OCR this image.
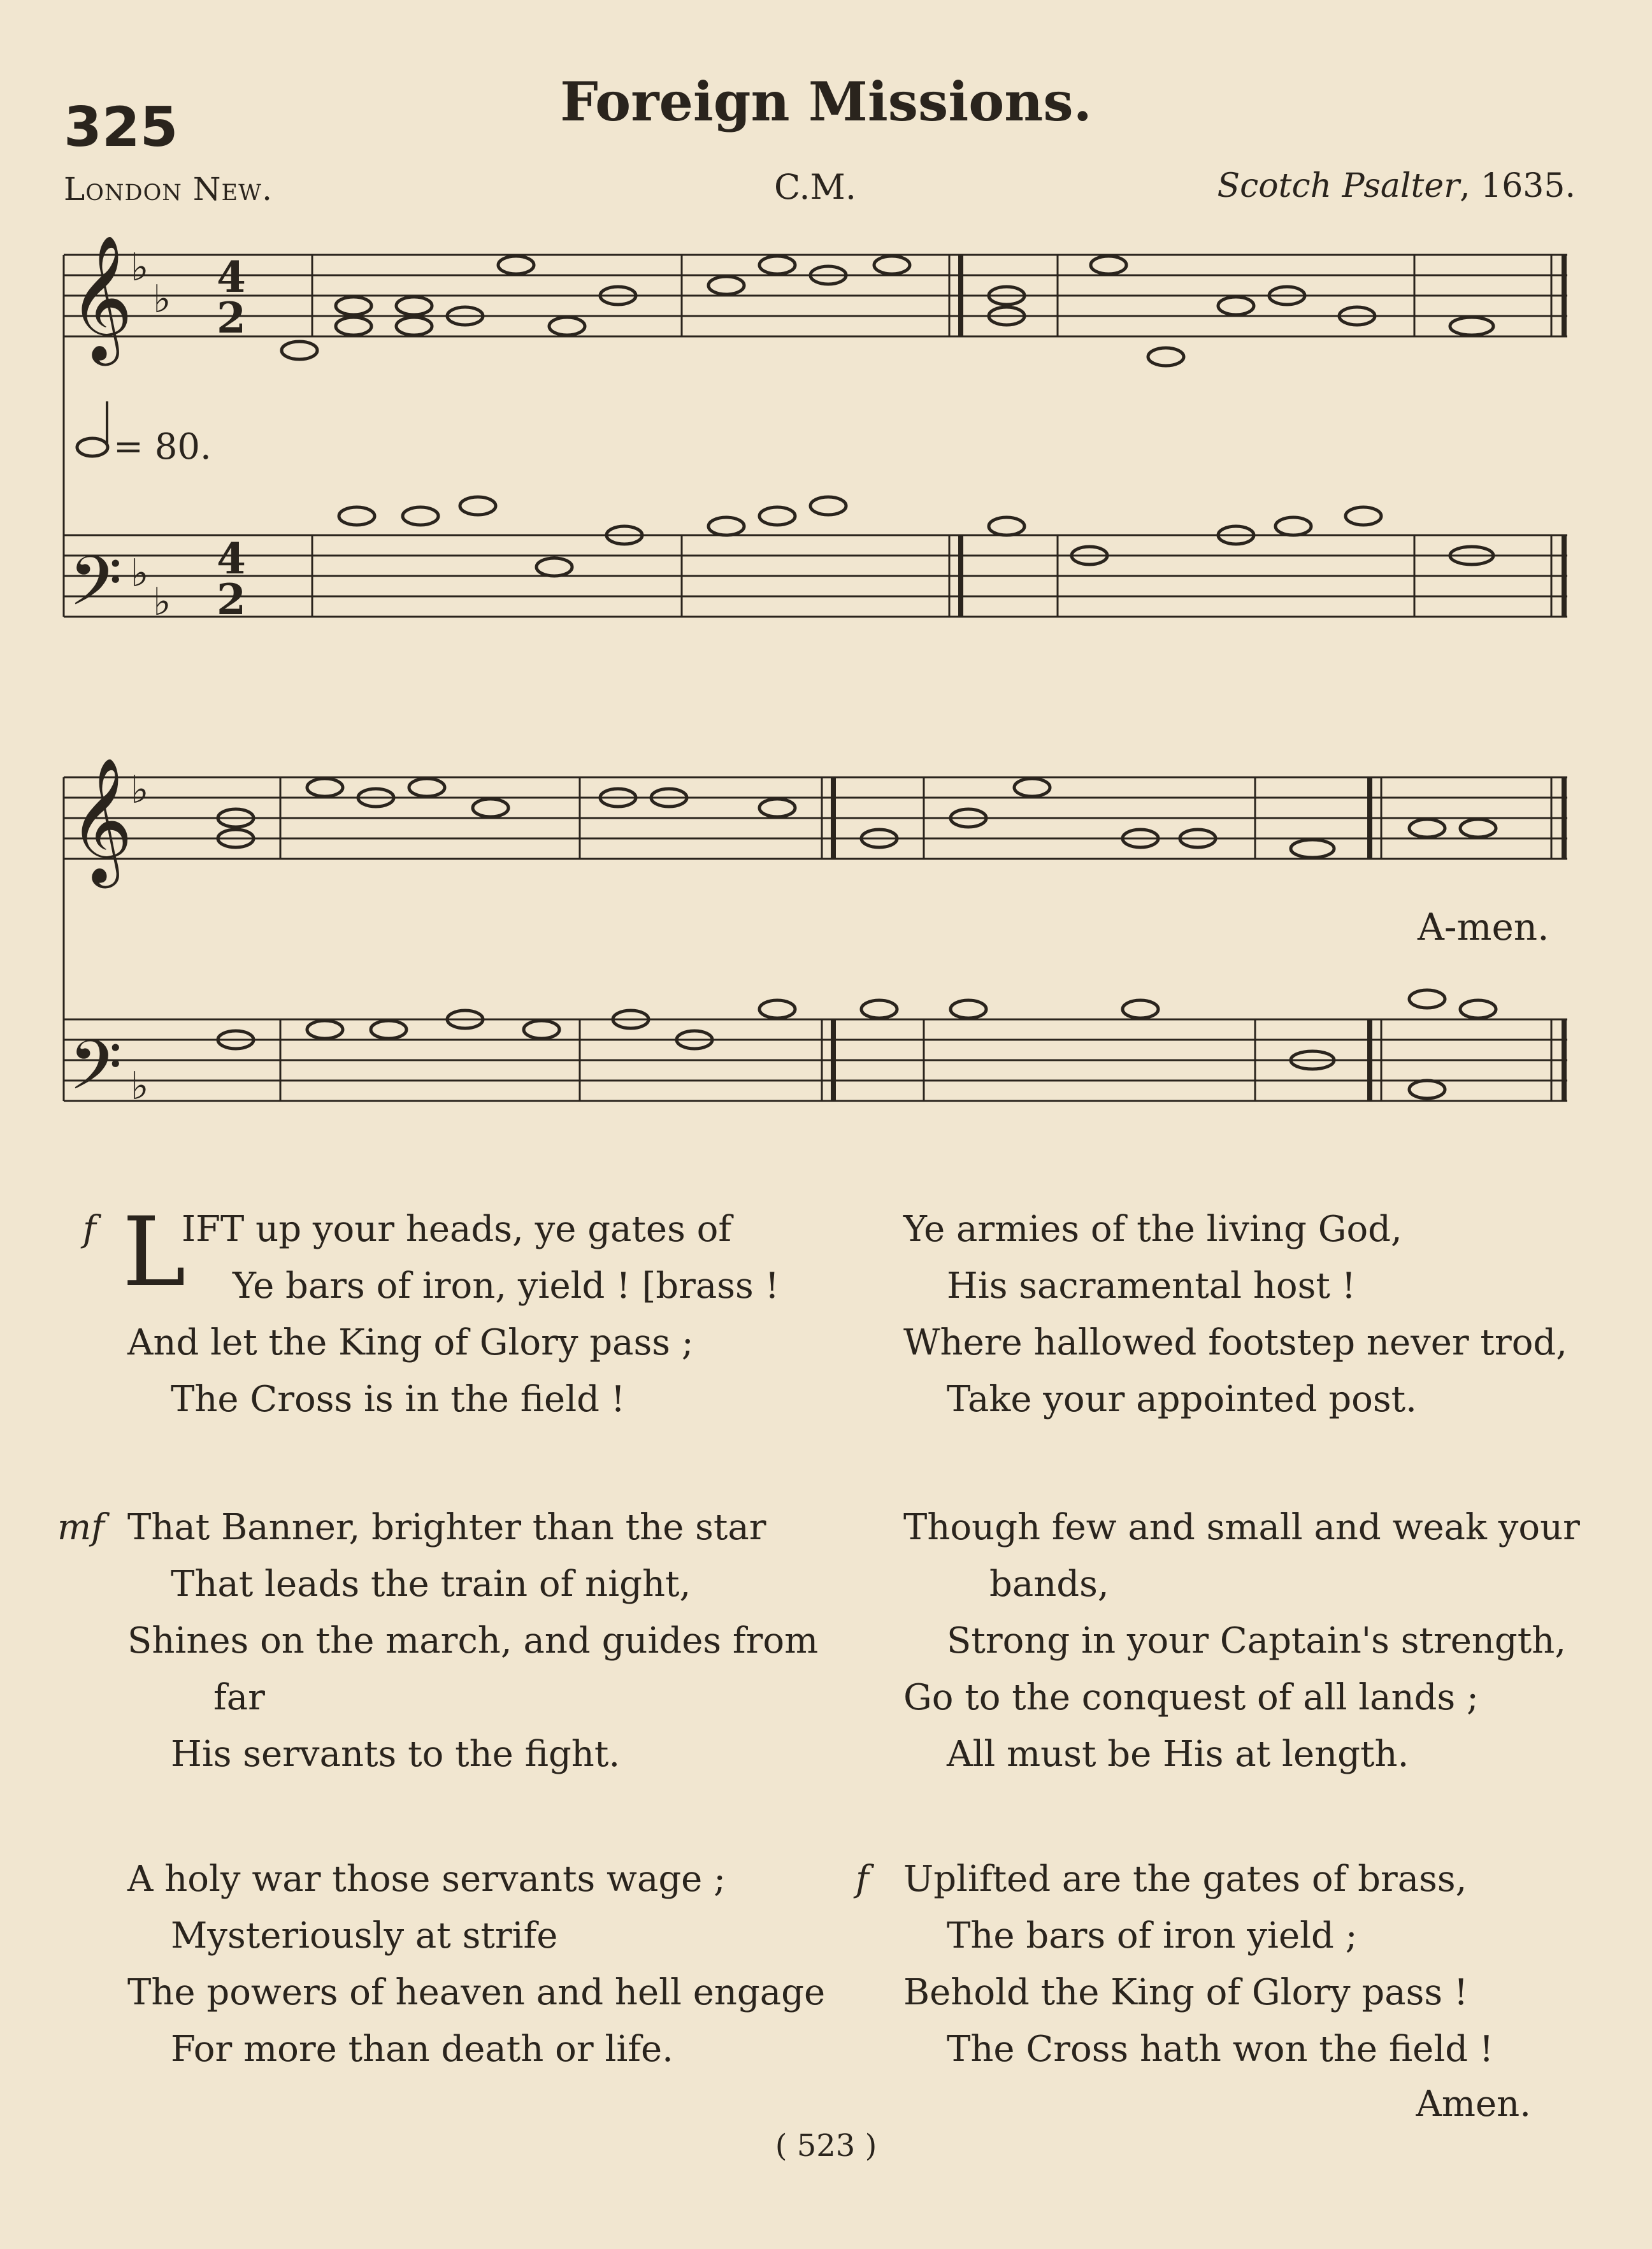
325	Foreign Missions.
London New.	C.M.	Scotch Psalter, 1635.
𝄞
𝄢
𝄞
𝄢
♭
♭
♭
♭
♭
♭
4
2
4
2
= 80.
A-men.
f L
IFT up your heads, ye gates of
Ye bars of iron, yield ! [brass !
And let the King of Glory pass ;
The Cross is in the field !
Ye armies of the living God,
His sacramental host !
Where hallowed footstep never trod,
Take your appointed post.
mf That Banner, brighter than the star
That leads the train of night,
Shines on the march, and guides from
far
His servants to the fight.
Though few and small and weak your
bands,
Strong in your Captain's strength,
Go to the conquest of all lands ;
All must be His at length.
A holy war those servants wage ;
Mysteriously at strife
The powers of heaven and hell engage
For more than death or life.
f Uplifted are the gates of brass,
The bars of iron yield ;
Behold the King of Glory pass !
The Cross hath won the field !
Amen.
( 523 )
